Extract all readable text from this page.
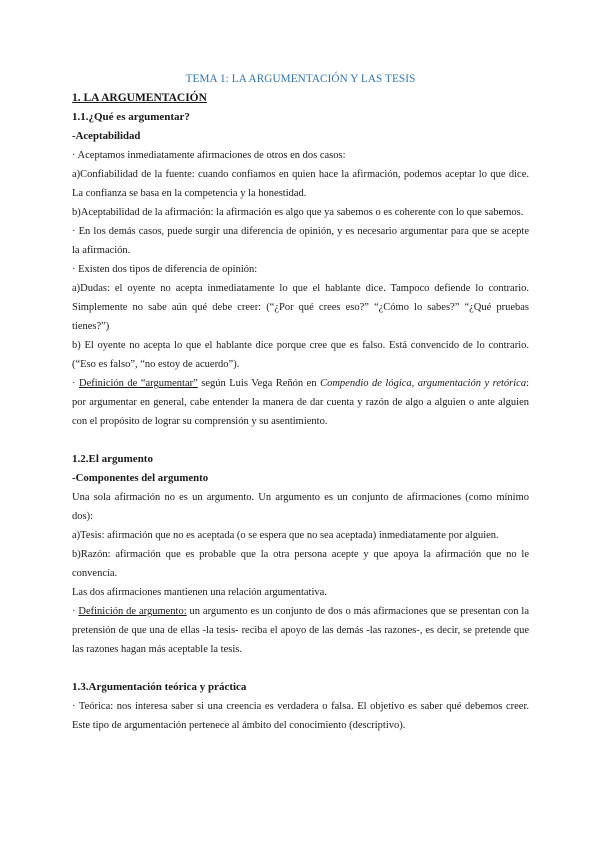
TEMA 1: LA ARGUMENTACIÓN Y LAS TESIS
1. LA ARGUMENTACIÓN
1.1.¿Qué es argumentar?
-Aceptabilidad

· Aceptamos inmediatamente afirmaciones de otros en dos casos:

a)Confiabilidad de la fuente: cuando confiamos en quien hace la afirmación, podemos aceptar lo que dice. La confianza se basa en la competencia y la honestidad.

b)Aceptabilidad de la afirmación: la afirmación es algo que ya sabemos o es coherente con lo que sabemos.

· En los demás casos, puede surgir una diferencia de opinión, y es necesario argumentar para que se acepte la afirmación.

· Existen dos tipos de diferencia de opinión:

a)Dudas: el oyente no acepta inmediatamente lo que el hablante dice. Tampoco defiende lo contrario. Simplemente no sabe aún qué debe creer: (“¿Por qué crees eso?” “¿Cómo lo sabes?” “¿Qué pruebas tienes?”)

b) El oyente no acepta lo que el hablante dice porque cree que es falso. Está convencido de lo contrario. (“Eso es falso”, “no estoy de acuerdo”).

· Definición de “argumentar” según Luis Vega Reñón en Compendio de lógica, argumentación y retórica: por argumentar en general, cabe entender la manera de dar cuenta y razón de algo a alguien o ante alguien con el propósito de lograr su comprensión y su asentimiento.

1.2.El argumento
-Componentes del argumento

Una sola afirmación no es un argumento. Un argumento es un conjunto de afirmaciones (como mínimo dos):

a)Tesis: afirmación que no es aceptada (o se espera que no sea aceptada) inmediatamente por alguien.

b)Razón: afirmación que es probable que la otra persona acepte y que apoya la afirmación que no le convencía.

Las dos afirmaciones mantienen una relación argumentativa.

· Definición de argumento: un argumento es un conjunto de dos o más afirmaciones que se presentan con la pretensión de que una de ellas -la tesis- reciba el apoyo de las demás -las razones-, es decir, se pretende que las razones hagan más aceptable la tesis.

1.3.Argumentación teórica y práctica

· Teórica: nos interesa saber si una creencia es verdadera o falsa. El objetivo es saber qué debemos creer. Este tipo de argumentación pertenece al ámbito del conocimiento (descriptivo).
